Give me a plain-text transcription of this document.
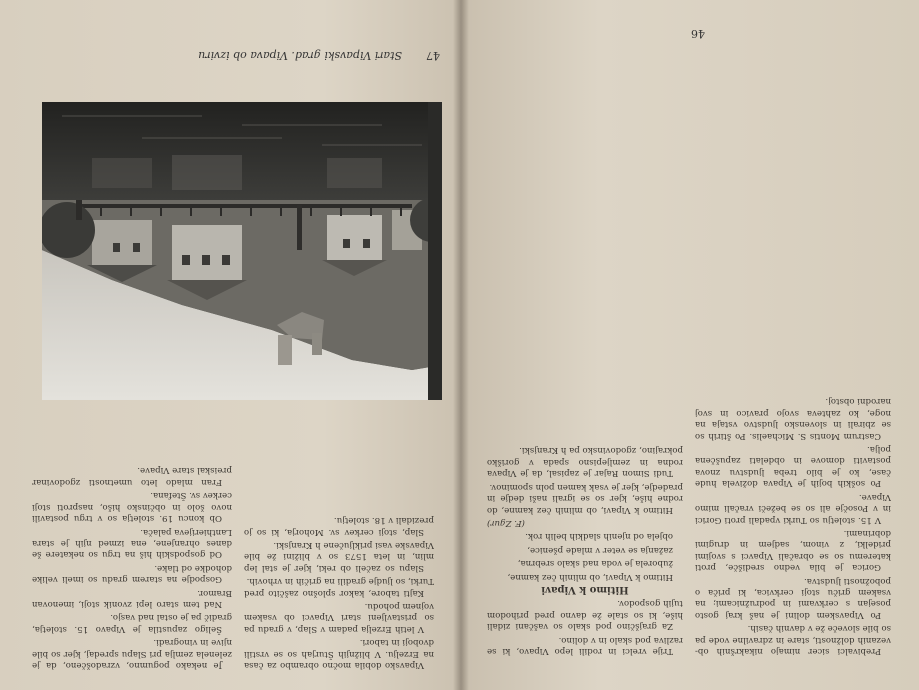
46

Prebivalci sicer nimajo nikakršnih ob-vezanih dolžnosti, stare in zdravilne vode pa so bile sloveče že v davnih časih.

Po Vipavskem dolini je naš kraj gosto posejan s cerkvami in podružnicami; na vsakem griču stoji cerkvica, ki priča o pobožnosti ljudstva.

Gorica je bila vedno središče, proti kateremu so se obračali Vipavci s svojimi pridelki, z vinom, sadjem in drugimi dobrinami.

V 15. stoletju so Turki vpadali proti Gorici in v Posočje ali so se bežeči vračali mimo Vipave.

Po soških bojih je Vipava doživela hude čase, ko je bilo treba ljudstvu znova postaviti domove in obdelati zapuščena polja.

Castrum Montis S. Michaelis. Po štirih so se zbirali in slovensko ljudstvo vstaja na noge, ko zahteva svojo pravico in svoj narodni obstoj.

Trije vrelci in rodili lepo Vipavo, ki se razliva pod skalo in v dolino.

Za grajščino pod skalo so vaščani zidali hiše, ki so stale že davno pred prihodom tujih gospodov.

Hitimo k Vipavi

Hitimo k Vipavi, ob mlinih čez kamne,

žuborela je voda nad skalo srebrna,

zažanja se veter v mlade pšenice,

objela od njenih sladkih belih rok.

(F. Zgur)

Hitimo k Vipavi, ob mlinih čez kamne, do rodne hiše, kjer so se igrali naši dedje in pradedje, kjer je vsak kamen poln spominov.

Tudi Simon Rajar je zapisal, da je Vipava rodna in zemljepisno spada v goriško pokrajino, zgodovinsko pa h Kranjski.

47
Stari Vipavski grad. Vipava ob izviru

Vipavsko dobila močno obrambo za časa na Erzelju. V bližnjih Šturjah so se vrstili dvoboji in tabori.

V letih Erzelja padam v Slap, v gradu pa so pristavljeni stari Vipavci ob vsakem vojnem pohodu.

Kajti tabore, kakor splošno zaščito pred Turki, so ljudje gradili na gričih in vrhovih.

Slapu so začeli ob reki, kjer je stal lep mlin, in leta 1573 so v bližini že bile Vipavske vasi priključene h Kranjski.

Slap, stoji cerkev sv. Mohorja, ki so jo prezidali v 18. stoletju.

Je nekako pogumno, vzradoščeno, da je zelenela zemlja pri Slapu spredaj, kjer so bile njive in vinogradi.

Šeligo zapustila je Vipavo 15. stoletja, gradič pa je ostal nad vasjo.

Nad tem staro lepi zvonik stoji, imenovan Bramor.

Gospodje na starem gradu so imeli velike dohodke od tlake.

Od gospodskih hiš na trgu so nekatere še danes ohranjene, ena izmed njih je stara Lanthierijeva palača.

Ob koncu 19. stoletja so v trgu postavili novo šolo in občinsko hišo, nasproti stoji cerkev sv. Štefana.

Fran mlado leto umetnosti zgodovinar preiskal stare Vipave.
